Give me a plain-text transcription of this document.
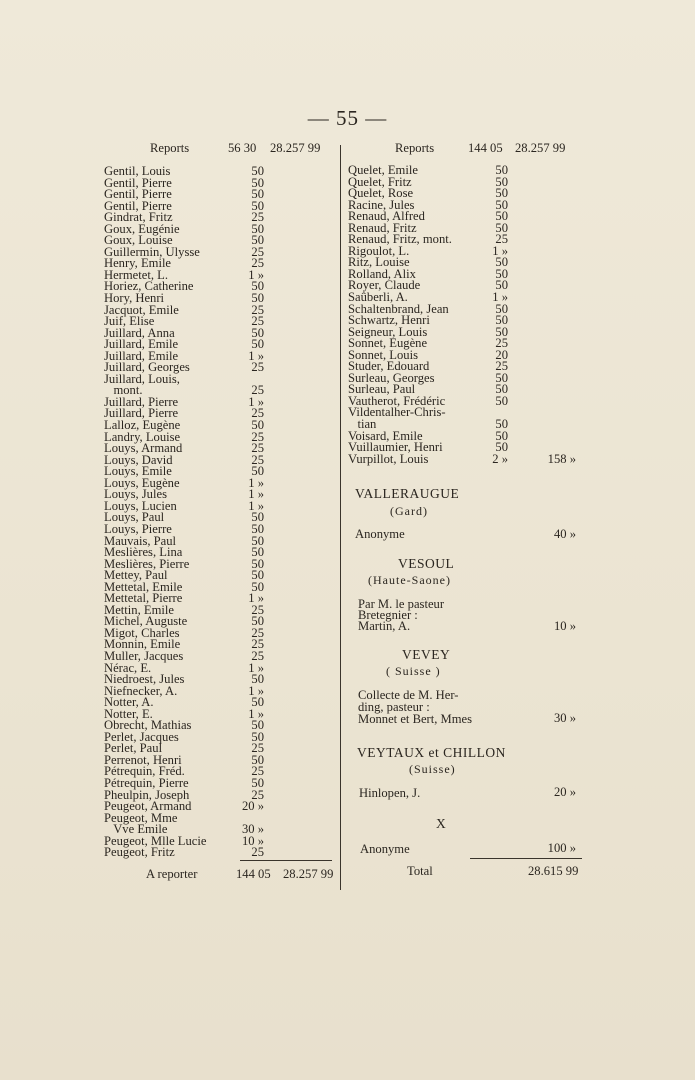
— 55 —
Reports	56 30 28.257 99
Gentil, Louis	50
Gentil, Pierre	50
Gentil, Pierre	50
Gentil, Pierre	50
Gindrat, Fritz	25
Goux, Eugénie	50
Goux, Louise	50
Guillermin, Ulysse	25
Henry, Emile	25
Hermetet, L.	1 »
Horiez, Catherine	50
Hory, Henri	50
Jacquot, Emile	25
Juif, Elise	25
Juillard, Anna	50
Juillard, Emile	50
Juillard, Emile	1 »
Juillard, Georges	25
Juillard, Louis,
mont.	25
Juillard, Pierre	1 »
Juillard, Pierre	25
Lalloz, Eugène	50
Landry, Louise	25
Louys, Armand	25
Louys, David	25
Louys, Emile	50
Louys, Eugène	1 »
Louys, Jules	1 »
Louys, Lucien	1 »
Louys, Paul	50
Louys, Pierre	50
Mauvais, Paul	50
Meslières, Lina	50
Meslières, Pierre	50
Mettey, Paul	50
Mettetal, Emile	50
Mettetal, Pierre	1 »
Mettin, Emile	25
Michel, Auguste	50
Migot, Charles	25
Monnin, Emile	25
Muller, Jacques	25
Nérac, E.	1 »
Niedroest, Jules	50
Niefnecker, A.	1 »
Notter, A.	50
Notter, E.	1 »
Obrecht, Mathias	50
Perlet, Jacques	50
Perlet, Paul	25
Perrenot, Henri	50
Pétrequin, Fréd.	25
Pétrequin, Pierre	50
Pheulpin, Joseph	25
Peugeot, Armand	20 »
Peugeot, Mme
Vve Emile	30 »
Peugeot, Mlle Lucie	10 »
Peugeot, Fritz	25
A reporter	144 05 28.257 99
Reports	144 05 28.257 99
Quelet, Emile	50
Quelet, Fritz	50
Quelet, Rose	50
Racine, Jules	50
Renaud, Alfred	50
Renaud, Fritz	50
Renaud, Fritz, mont.	25
Rigoulot, L.	1 »
Ritz, Louise	50
Rolland, Alix	50
Royer, Claude	50
Saûberli, A.	1 »
Schaltenbrand, Jean	50
Schwartz, Henri	50
Seigneur, Louis	50
Sonnet, Eugène	25
Sonnet, Louis	20
Studer, Edouard	25
Surleau, Georges	50
Surleau, Paul	50
Vautherot, Frédéric	50
Vildentalher-Chris-
tian	50
Voisard, Emile	50
Vuillaumier, Henri	50
Vurpillot, Louis	2 »	158 »
VALLERAUGUE
(Gard)
Anonyme	40 »
VESOUL
(Haute-Saone)
Par M. le pasteur
Bretegnier :
Martin, A.	10 »
VEVEY
( Suisse )
Collecte de M. Her-
ding, pasteur :
Monnet et Bert, Mmes	30 »
VEYTAUX et CHILLON
(Suisse)
Hinlopen, J.	20 »
X
Anonyme	100 »
Total	28.615 99
